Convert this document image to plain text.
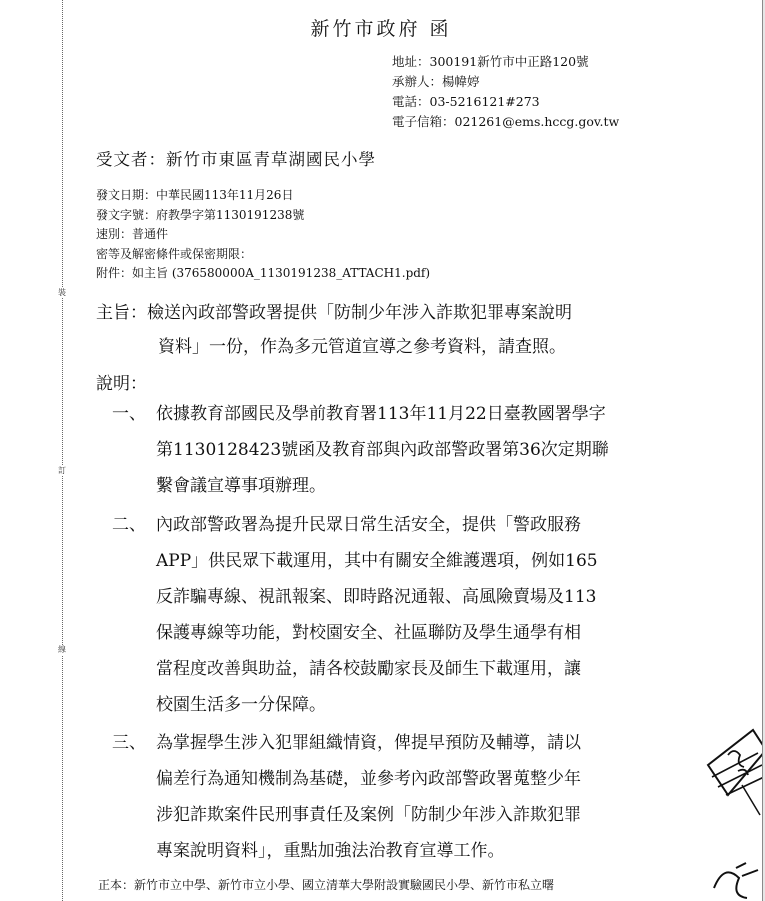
裝
訂
線
新竹市政府 函
地址：300191新竹市中正路120號
承辦人：楊幃婷
電話：03-5216121#273
電子信箱：021261@ems.hccg.gov.tw
受文者：新竹市東區青草湖國民小學
發文日期：中華民國113年11月26日
發文字號：府教學字第1130191238號
速別：普通件
密等及解密條件或保密期限：
附件：如主旨 (376580000A_1130191238_ATTACH1.pdf)
主旨：檢送內政部警政署提供「防制少年涉入詐欺犯罪專案說明
資料」一份，作為多元管道宣導之參考資料，請查照。
說明：
一、 依據教育部國民及學前教育署113年11月22日臺教國署學字
第1130128423號函及教育部與內政部警政署第36次定期聯
繫會議宣導事項辦理。
二、 內政部警政署為提升民眾日常生活安全，提供「警政服務
APP」供民眾下載運用，其中有關安全維護選項，例如165
反詐騙專線、視訊報案、即時路況通報、高風險賣場及113
保護專線等功能，對校園安全、社區聯防及學生通學有相
當程度改善與助益，請各校鼓勵家長及師生下載運用，讓
校園生活多一分保障。
三、 為掌握學生涉入犯罪組織情資，俾提早預防及輔導，請以
偏差行為通知機制為基礎，並參考內政部警政署蒐整少年
涉犯詐欺案件民刑事責任及案例「防制少年涉入詐欺犯罪
專案說明資料」，重點加強法治教育宣導工作。
正本：新竹市立中學、新竹市立小學、國立清華大學附設實驗國民小學、新竹市私立曙
